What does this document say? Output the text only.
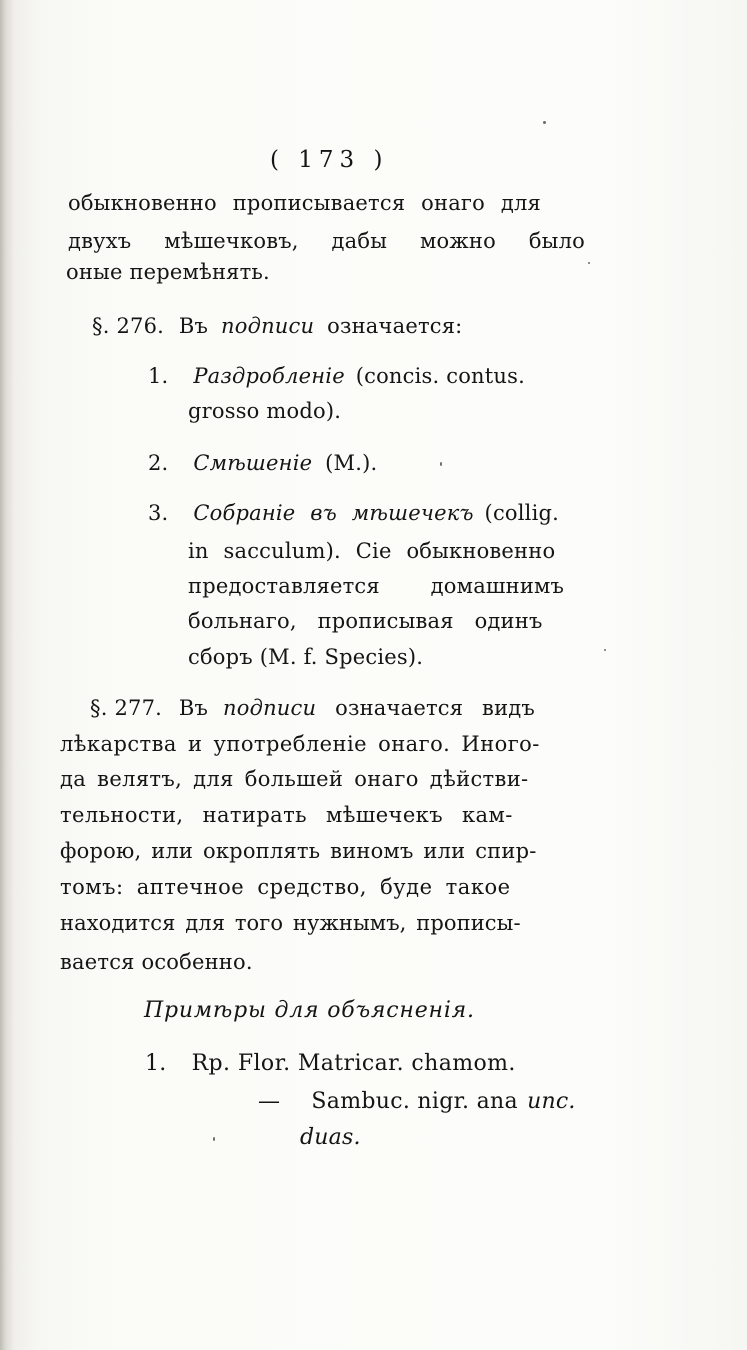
( 173 )
обыкновенно прописывается онаго для
двухъ мѣшечковъ, дабы можно было
оные перемѣнять.
§. 276. Въ подписи означается:
1. Раздробленіе (concis. contus.
grosso modo).
2. Смѣшеніе (M.).
3. Собраніе въ мѣшечекъ (collig.
in sacculum). Сіе обыкновенно
предоставляется домашнимъ
больнаго, прописывая одинъ
сборъ (M. f. Species).
§. 277. Въ подписи означается видъ
лѣкарства и употребленіе онаго. Иного-
да велятъ, для большей онаго дѣйстви-
тельности, натирать мѣшечекъ кам-
форою, или окроплять виномъ или спир-
томъ: аптечное средство, буде такое
находится для того нужнымъ, прописы-
вается особенно.
Примѣры для объясненія.
1. Rp. Flor. Matricar. chamom.
— Sambuc. nigr. ana unc.
duas.
